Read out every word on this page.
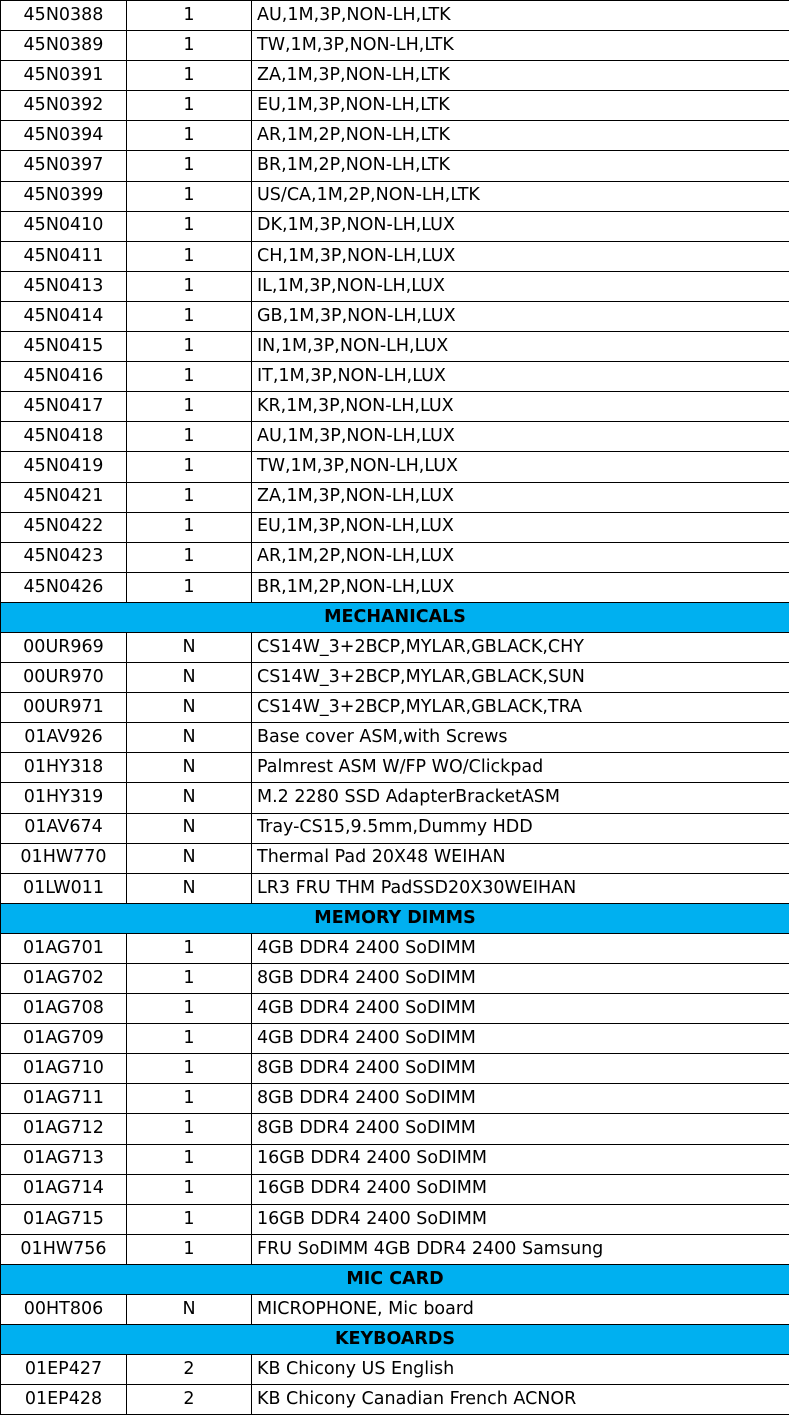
45N0388	1	AU,1M,3P,NON-LH,LTK
45N0389	1	TW,1M,3P,NON-LH,LTK
45N0391	1	ZA,1M,3P,NON-LH,LTK
45N0392	1	EU,1M,3P,NON-LH,LTK
45N0394	1	AR,1M,2P,NON-LH,LTK
45N0397	1	BR,1M,2P,NON-LH,LTK
45N0399	1	US/CA,1M,2P,NON-LH,LTK
45N0410	1	DK,1M,3P,NON-LH,LUX
45N0411	1	CH,1M,3P,NON-LH,LUX
45N0413	1	IL,1M,3P,NON-LH,LUX
45N0414	1	GB,1M,3P,NON-LH,LUX
45N0415	1	IN,1M,3P,NON-LH,LUX
45N0416	1	IT,1M,3P,NON-LH,LUX
45N0417	1	KR,1M,3P,NON-LH,LUX
45N0418	1	AU,1M,3P,NON-LH,LUX
45N0419	1	TW,1M,3P,NON-LH,LUX
45N0421	1	ZA,1M,3P,NON-LH,LUX
45N0422	1	EU,1M,3P,NON-LH,LUX
45N0423	1	AR,1M,2P,NON-LH,LUX
45N0426	1	BR,1M,2P,NON-LH,LUX
MECHANICALS		
00UR969	N	CS14W_3+2BCP,MYLAR,GBLACK,CHY
00UR970	N	CS14W_3+2BCP,MYLAR,GBLACK,SUN
00UR971	N	CS14W_3+2BCP,MYLAR,GBLACK,TRA
01AV926	N	Base cover ASM,with Screws
01HY318	N	Palmrest ASM W/FP WO/Clickpad
01HY319	N	M.2 2280 SSD AdapterBracketASM
01AV674	N	Tray-CS15,9.5mm,Dummy HDD
01HW770	N	Thermal Pad 20X48 WEIHAN
01LW011	N	LR3 FRU THM PadSSD20X30WEIHAN
MEMORY DIMMS		
01AG701	1	4GB DDR4 2400 SoDIMM
01AG702	1	8GB DDR4 2400 SoDIMM
01AG708	1	4GB DDR4 2400 SoDIMM
01AG709	1	4GB DDR4 2400 SoDIMM
01AG710	1	8GB DDR4 2400 SoDIMM
01AG711	1	8GB DDR4 2400 SoDIMM
01AG712	1	8GB DDR4 2400 SoDIMM
01AG713	1	16GB DDR4 2400 SoDIMM
01AG714	1	16GB DDR4 2400 SoDIMM
01AG715	1	16GB DDR4 2400 SoDIMM
01HW756	1	FRU SoDIMM 4GB DDR4 2400 Samsung
MIC CARD		
00HT806	N	MICROPHONE, Mic board
KEYBOARDS		
01EP427	2	KB Chicony US English
01EP428	2	KB Chicony Canadian French ACNOR
